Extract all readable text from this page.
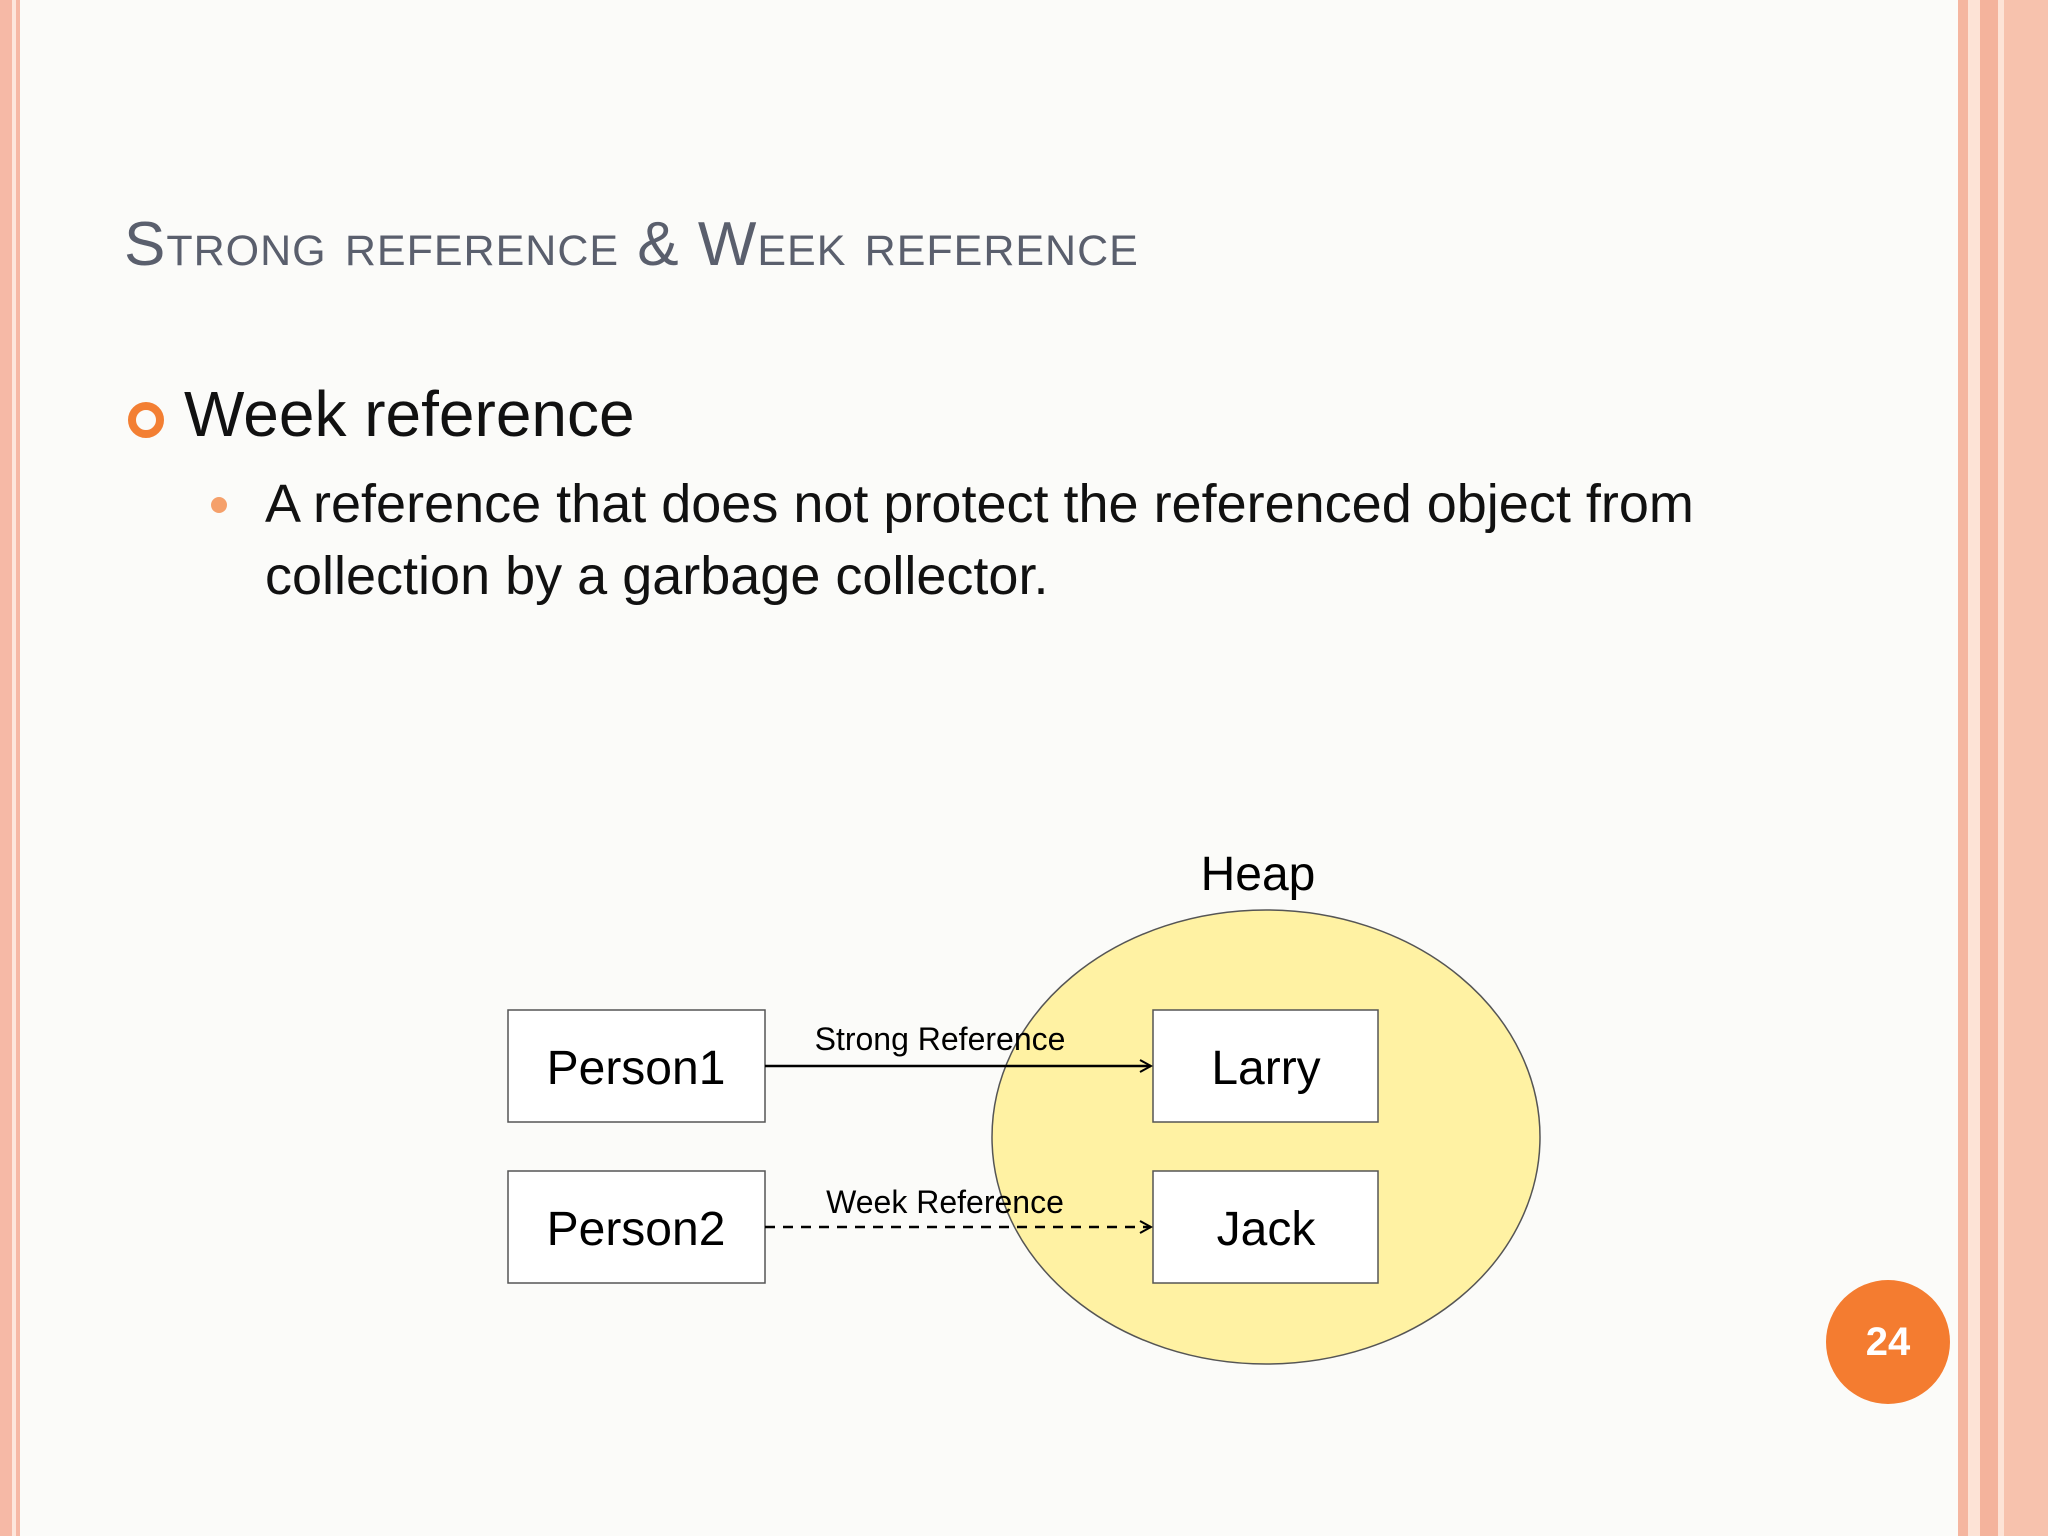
Strong reference & Week reference
Week reference
A reference that does not protect the referenced object from collection by a garbage collector.
Heap
Person1
Person2
Larry
Jack
Strong Reference
Week Reference
24
